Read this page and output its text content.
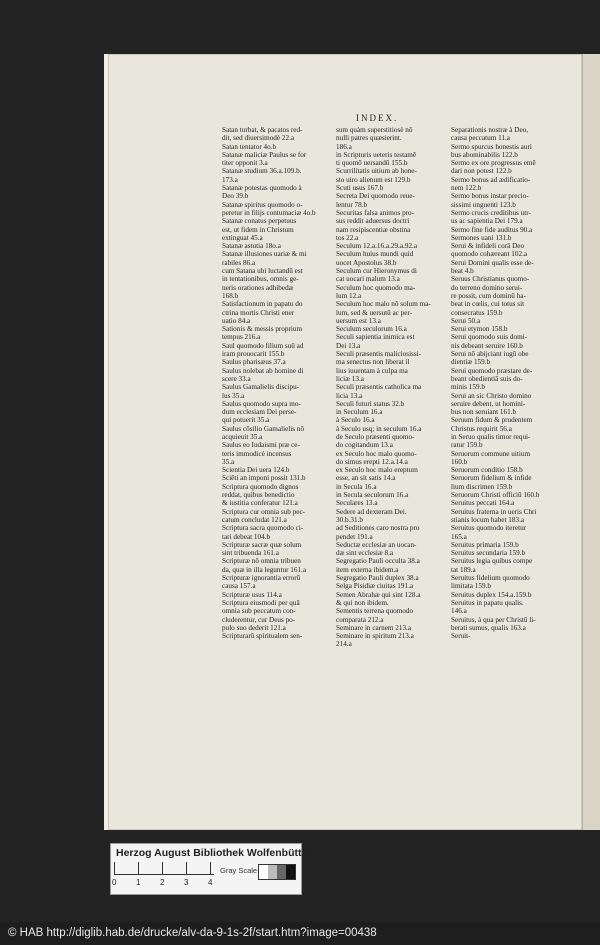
INDEX.
Satan turbat, & pacatos red-
dit, sed diuersimodè 22.a
Satan tentator 4o.b
Satanæ maliciæ Paulus se for
titer opponit 3.a
Satanæ studium 36.a.109.b.
173.a
Satanæ potestas quomodo à
Deo 39.b
Satanæ spiritus quomodo o-
peretur in filijs contumaciæ 4o.b
Satanæ conatus perpetuus
est, ut fidem in Christum
extinguat 45.a
Satanæ astutia 18o.a
Satanæ illusiones uariæ & mi
rabiles 86.a
cum Satana ubi luctandū est
in tentationibus, omnis ge-
neris orationes adhibedæ
168.b
Satisfactionum in papatu do
ctrina mortis Christi ener
uatio 84.a
Sationis & messis proprium
tempus 216.a
Saul quomodo filium suū ad
iram prouocarit 155.b
Saulus pharisæus 37.a
Saulus nolebat ab homine di
scere 33.a
Saulus Gamalielis discipu-
lus 35.a
Saulus quomodo supra mo-
dum ecclesiam Dei perse-
qui potuerit 35.a
Saulus cōsilio Gamalielis nō
acquieuit 35.a
Saulus eo Iudaismi præ ce-
teris immodicè incensus
35.a
Scientia Dei uera 124.b
Sciēti an imponi possit 131.b
Scriptura quomodo dignos
reddat, quibus benedictio
& iustitia conferatur 121.a
Scriptura cur omnia sub pec-
catum concludat 121.a
Scriptura sacra quomodo ci-
tari debeat 104.b
Scripturæ sacræ quæ solum
sint tribuenda 161.a
Scripturæ nō omnia tribuen
da, quæ in illa leguntur 161.a
Scripturæ ignorantia errorū
causa 157.a
Scripturæ usus 114.a
Scriptura eiusmodi per quā
omnia sub peccatum con-
cluderentur, cur Deus po-
pulo suo dederit 121.a
Scripturarū spiritualem sen-
sum quàm superstitiosè nō
nulli patres quæsierint.
186.a
in Scripturis ueteris testamē
ti quomō uersandū 155.b
Scurrilitatis uitium ab hone-
sto uiro alienum est 129.b
Scuti usus 167.b
Secreta Dei quomodo reue-
lentur 78.b
Securitas falsa animos pro-
sus reddit aduersus doctri
nam resipiscentiæ obstina
tos 22.a
Seculum 12.a.16.a.29.a.92.a
Seculum huius mundi quid
uocet Apostolus 38.b
Seculum cur Hieronymus di
cat uocari malum 13.a
Seculum hoc quomodo ma-
lum 12.a
Seculum hoc malo nō solum ma-
lum, sed & uersutū ac per-
uersum est 13.a
Seculum seculorum 16.a
Seculi sapientia inimica est
Dei 13.a
Seculi præsentis maliciosissi-
ma senectus non liberat il
lius iuuentam à culpa ma
liciæ 13.a
Seculi præsentis catholica ma
licia 13.a
Seculi futuri status 32.b
in Seculum 16.a
à Seculo 16.a
à Seculo usq; in seculum 16.a
de Seculo præsenti quomo-
do cogitandum 13.a
ex Seculo hoc malo quomo-
do simus erepti 12.a.14.a
ex Seculo hoc malo ereptum
esse, an sit satis 14.a
in Secula 16.a
in Secula seculorum 16.a
Seculares 13.a
Sedere ad dexteram Dei.
30.b.31.b
ad Seditiones caro nostra pro
pendet 191.a
Seductæ ecclesiæ an uocan-
dæ sint ecclesiæ 8.a
Segregatio Pauli occulta 38.a
item externa ibidem.a
Segregatio Pauli duplex 38.a
Selga Pisidiæ ciuitas 191.a
Semen Abrahæ qui sint 128.a
& qui non ibidem.
Sementis terrena quomodo
comparata 212.a
Seminare in carnem 213.a
Seminare in spiritum 213.a
214.a
Separationis nostræ à Deo,
causa peccatum 11.a
Sermo spurcus honestis auri
bus abominabilis 122.b
Sermo ex ore progressus emē
dari non potest 122.b
Sermo bonus ad ædificatio-
nem 122.b
Sermo bonus instar precio-
sissimi unguenti 123.b
Sermo crucis creditibus utr-
us ac sapientia Dei 179.a
Sermo fine fide auditus 90.a
Sermones uani 131.b
Serui & infideli corā Deo
quomodo cohæreant 102.a
Serui Domini qualis esse de-
beat 4.b
Seruus Christianus quomo-
do terreno domino serui-
re possit, cum dominū ha-
beat in cœlis, cui totus sit
consecratus 159.b
Serui 50.a
Serui etymon 158.b
Serui quomodo suis domi-
nis debeant seruire 160.b
Serui nō abijciant iugū obe
dientiæ 159.b
Serui quomodo præstare de-
beant obedientiā suis do-
minis 159.b
Serui an sic Christo domino
seruire debent, ut homini-
bus non seruiant 161.b
Seruum fidum & prudentem
Christus requirit 56.a
in Seruo qualis timor requi-
ratur 159.b
Seruorum commune uitium
160.b
Seruorum conditio 158.b
Seruorum fidelium & infide
lium discrimen 159.b
Seruorum Christi officiū 160.b
Seruitus peccati 164.a
Seruitus fraterna in ueris Chri
stianis locum habet 183.a
Seruitus quomodo iteretur
165.a
Seruitus primaria 159.b
Seruitus secundaria 159.b
Seruitus legia quibus compe
tat 189.a
Seruitus fidelium quomodo
limitata 159.b
Seruitus duplex 154.a.159.b
Seruitus in papatu qualis.
146.a
Seruitus, à qua per Christū li-
berati sumus, qualis 163.a
Seruit-
Herzog August Bibliothek Wolfenbüttel
0 1 2 3 4
Gray Scale
© HAB http://diglib.hab.de/drucke/alv-da-9-1s-2f/start.htm?image=00438
